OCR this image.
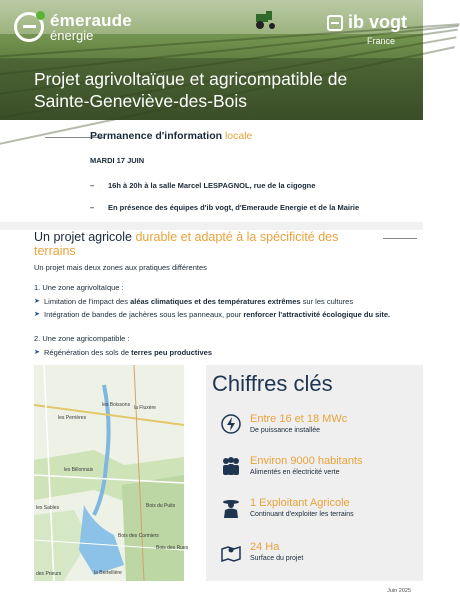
émeraude
énergie
ib vogt
France
Projet agrivoltaïque et agricompatible de Sainte-Geneviève-des-Bois
Permanence d'information locale
MARDI 17 JUIN
–	16h à 20h à la salle Marcel LESPAGNOL, rue de la cigogne
–	En présence des équipes d'ib vogt, d'Emeraude Energie et de la Mairie
Un projet agricole durable et adapté à la spécificité des terrains
Un projet mais deux zones aux pratiques différentes
1. Une zone agrivoltaïque :
➤ Limitation de l'impact des aléas climatiques et des températures extrêmes sur les cultures
➤ Intégration de bandes de jachères sous les panneaux, pour renforcer l'attractivité écologique du site.
2. Une zone agricompatible :
➤ Régénération des sols de terres peu productives
les Perrières
les Boissons la Fluxère
les Billonnais
les Sables	Bois du Puits
Bois des Cormiers
Bois des Rues
la Bertellière
des Prieurs
Chiffres clés
Entre 16 et 18 MWc
De puissance installée
Environ 9000 habitants
Alimentés en électricité verte
1 Exploitant Agricole
Continuant d'exploiter les terrains
24 Ha
Surface du projet
Juin 2025
